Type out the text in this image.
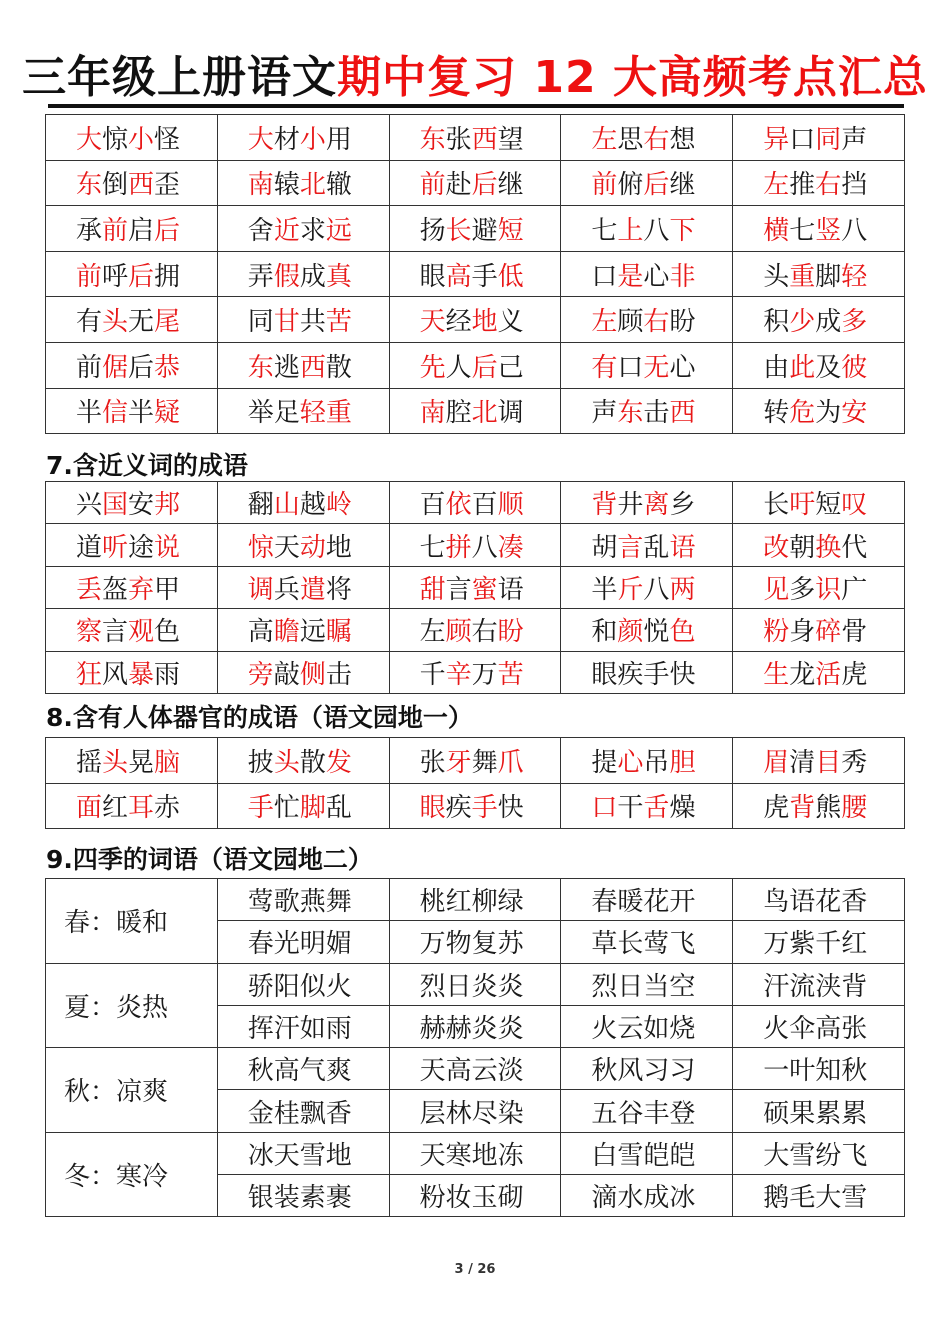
三年级上册语文期中复习 12 大高频考点汇总
大惊小怪	大材小用	东张西望	左思右想	异口同声
东倒西歪	南辕北辙	前赴后继	前俯后继	左推右挡
承前启后	舍近求远	扬长避短	七上八下	横七竖八
前呼后拥	弄假成真	眼高手低	口是心非	头重脚轻
有头无尾	同甘共苦	天经地义	左顾右盼	积少成多
前倨后恭	东逃西散	先人后己	有口无心	由此及彼
半信半疑	举足轻重	南腔北调	声东击西	转危为安
7.含近义词的成语
兴国安邦	翻山越岭	百依百顺	背井离乡	长吁短叹
道听途说	惊天动地	七拼八凑	胡言乱语	改朝换代
丢盔弃甲	调兵遣将	甜言蜜语	半斤八两	见多识广
察言观色	高瞻远瞩	左顾右盼	和颜悦色	粉身碎骨
狂风暴雨	旁敲侧击	千辛万苦	眼疾手快	生龙活虎
8.含有人体器官的成语（语文园地一）
摇头晃脑	披头散发	张牙舞爪	提心吊胆	眉清目秀
面红耳赤	手忙脚乱	眼疾手快	口干舌燥	虎背熊腰
9.四季的词语（语文园地二）
春：暖和	莺歌燕舞	桃红柳绿	春暖花开	鸟语花香
	春光明媚	万物复苏	草长莺飞	万紫千红
夏：炎热	骄阳似火	烈日炎炎	烈日当空	汗流浃背
	挥汗如雨	赫赫炎炎	火云如烧	火伞高张
秋：凉爽	秋高气爽	天高云淡	秋风习习	一叶知秋
	金桂飘香	层林尽染	五谷丰登	硕果累累
冬：寒冷	冰天雪地	天寒地冻	白雪皑皑	大雪纷飞
	银装素裹	粉妆玉砌	滴水成冰	鹅毛大雪
3 / 26
